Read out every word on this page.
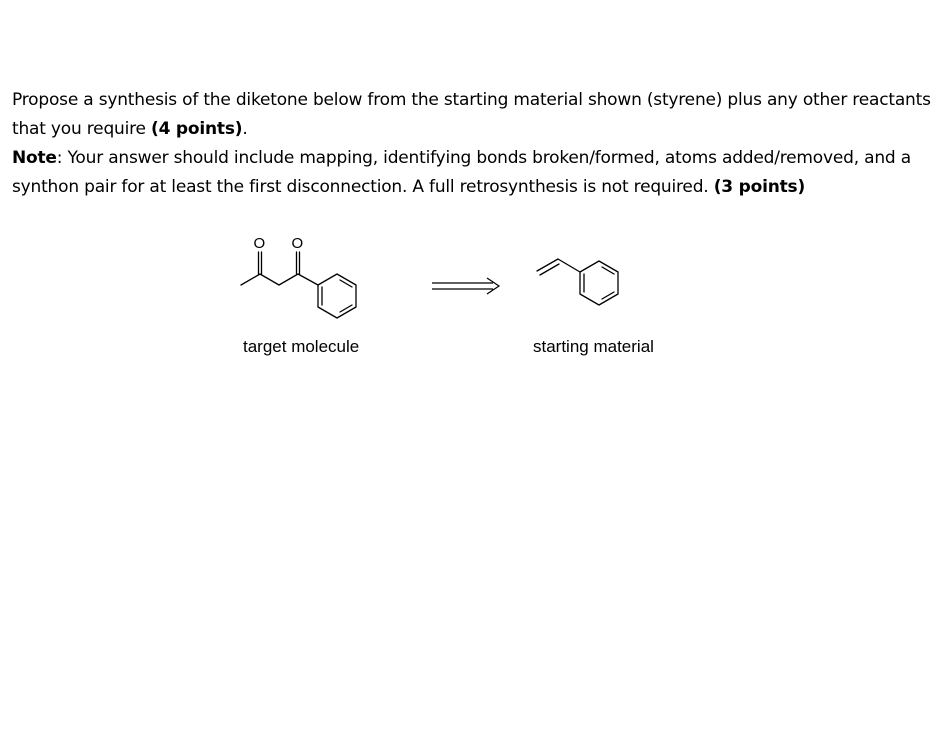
Propose a synthesis of the diketone below from the starting material shown (styrene) plus any other reactants that you require (4 points).

Note: Your answer should include mapping, identifying bonds broken/formed, atoms added/removed, and a synthon pair for at least the first disconnection. A full retrosynthesis is not required. (3 points)

O O
target molecule	starting material
